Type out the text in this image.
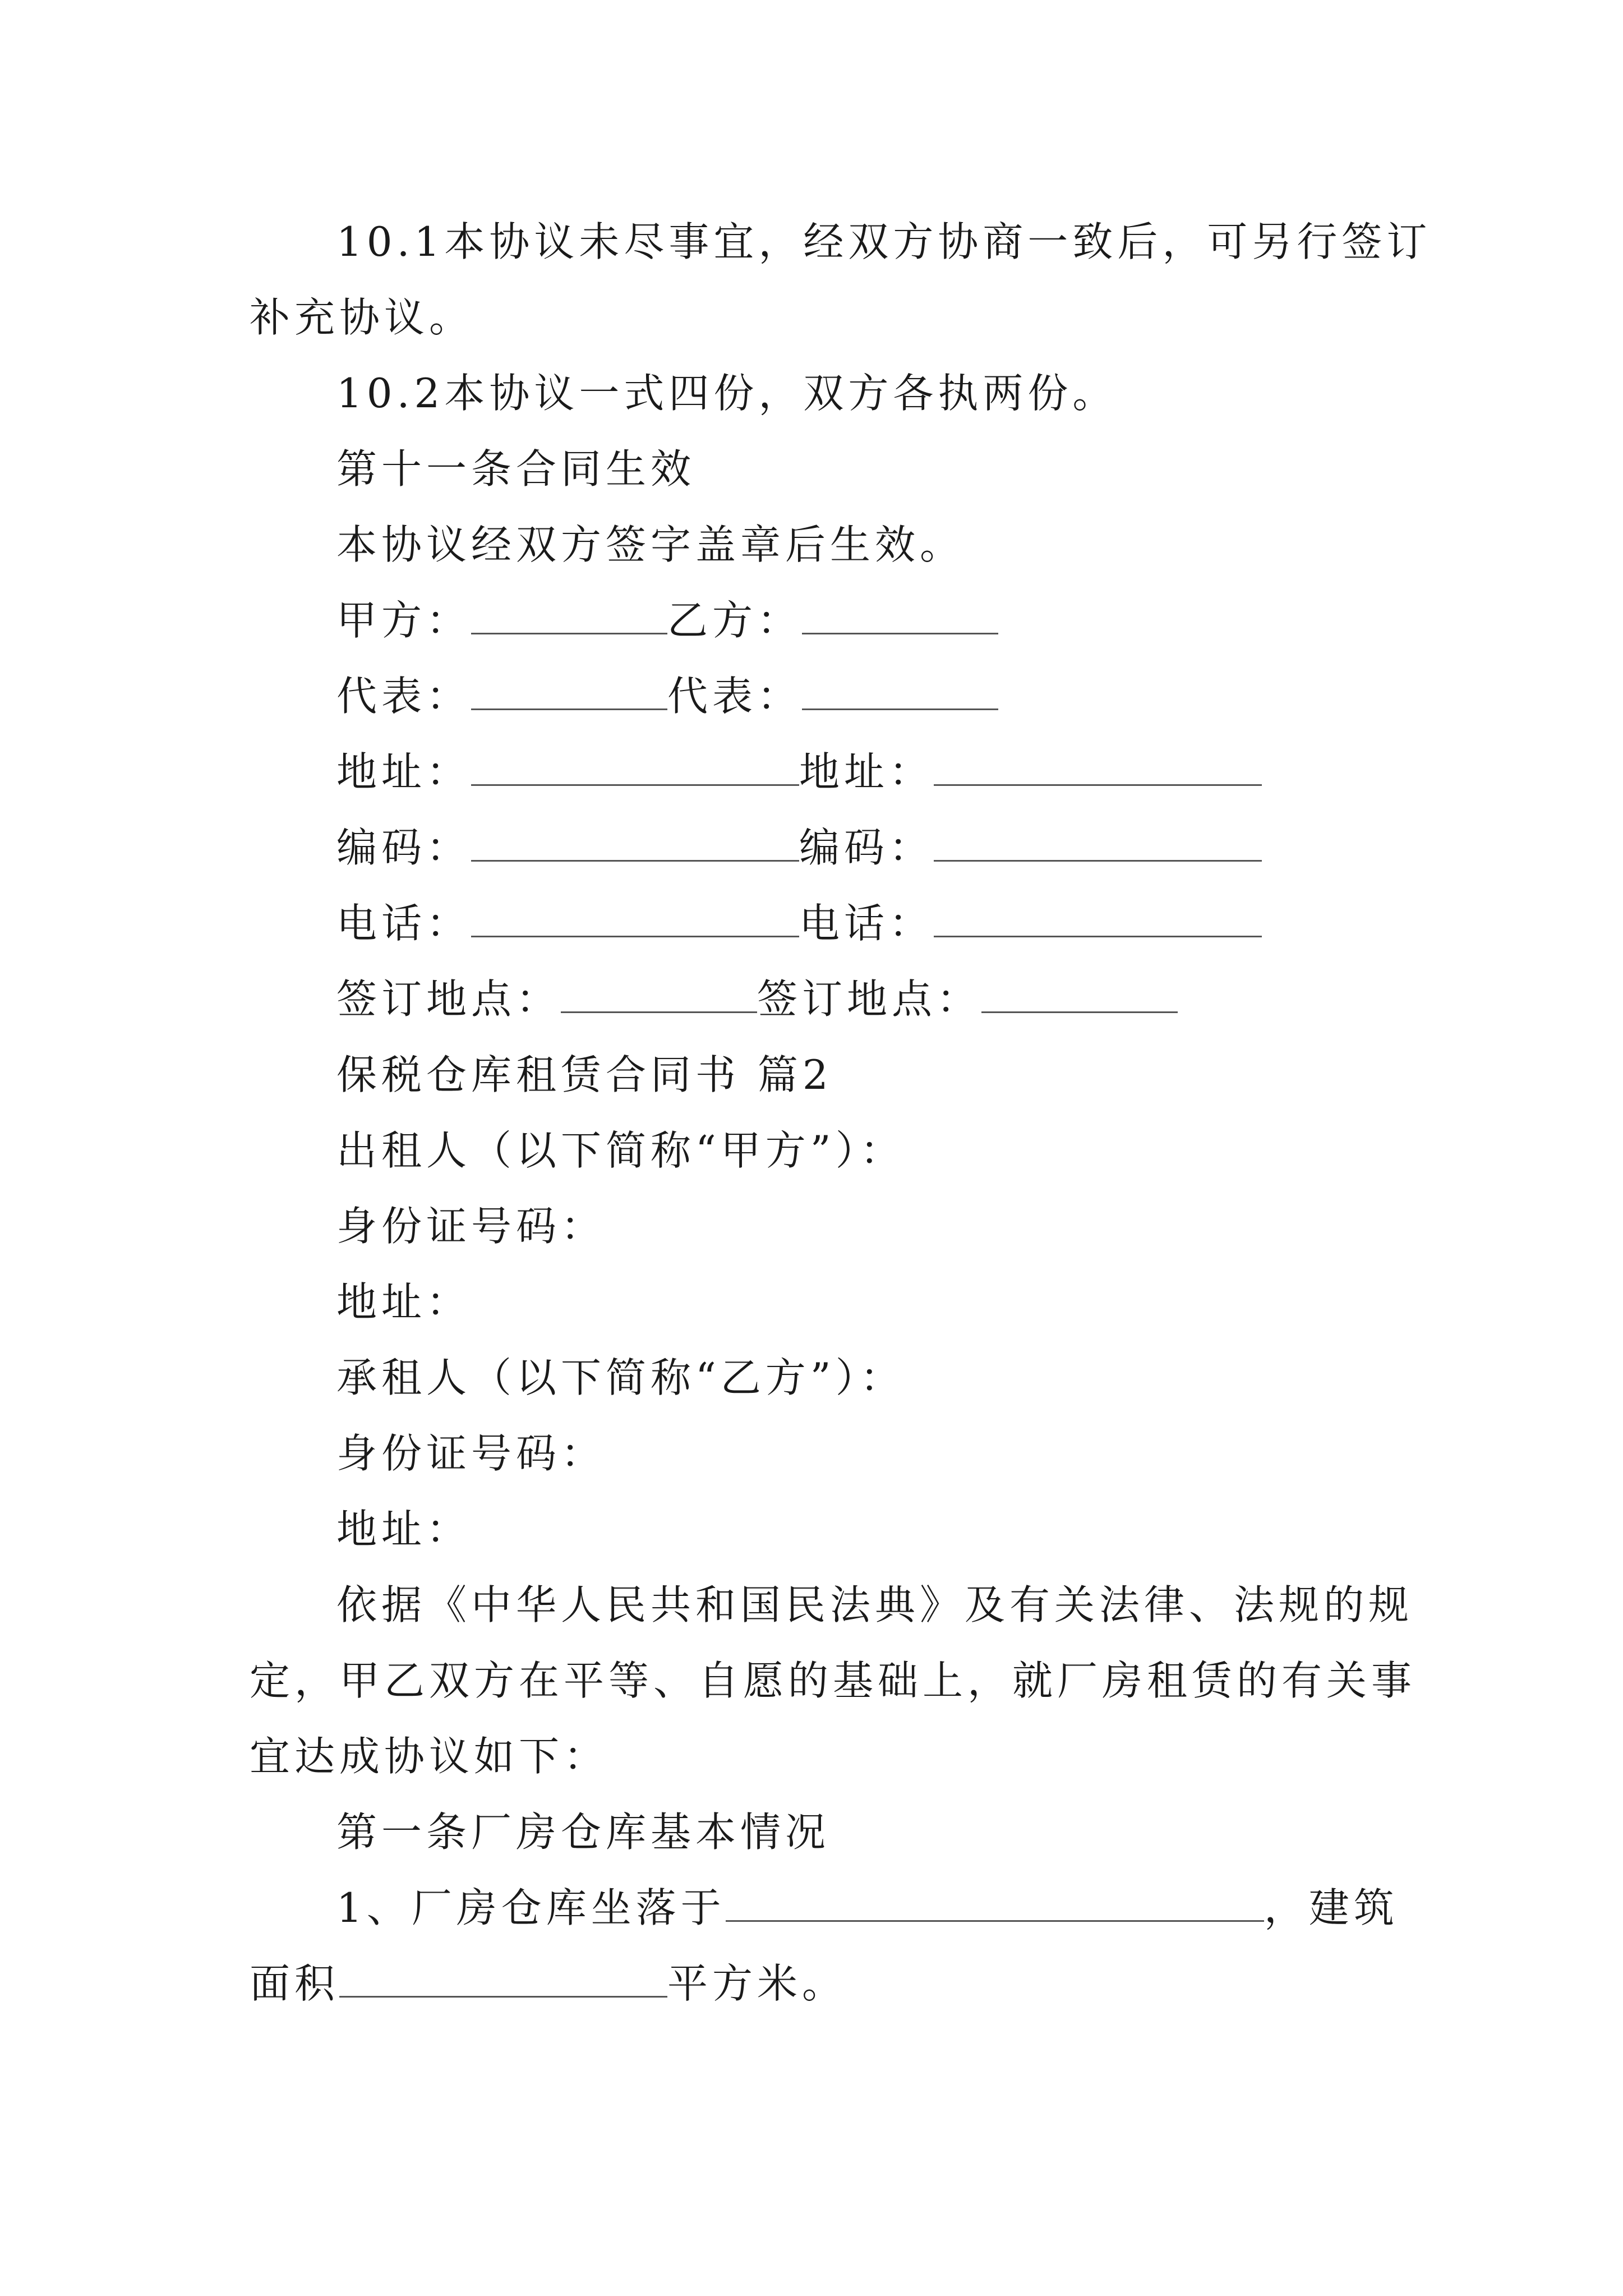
10.1本协议未尽事宜，经双方协商一致后，可另行签订
补充协议。
10.2本协议一式四份，双方各执两份。
第十一条合同生效
本协议经双方签字盖章后生效。
甲方：	乙方：
代表：	代表：
地址：	地址：
编码：	编码：
电话：	电话：
签订地点：	签订地点：
保税仓库租赁合同书 篇2
出租人（以下简称“甲方”）：
身份证号码：
地址：
承租人（以下简称“乙方”）：
身份证号码：
地址：
依据《中华人民共和国民法典》及有关法律、法规的规
定，甲乙双方在平等、自愿的基础上，就厂房租赁的有关事
宜达成协议如下：
第一条厂房仓库基本情况
1、厂房仓库坐落于	，建筑
面积	平方米。
